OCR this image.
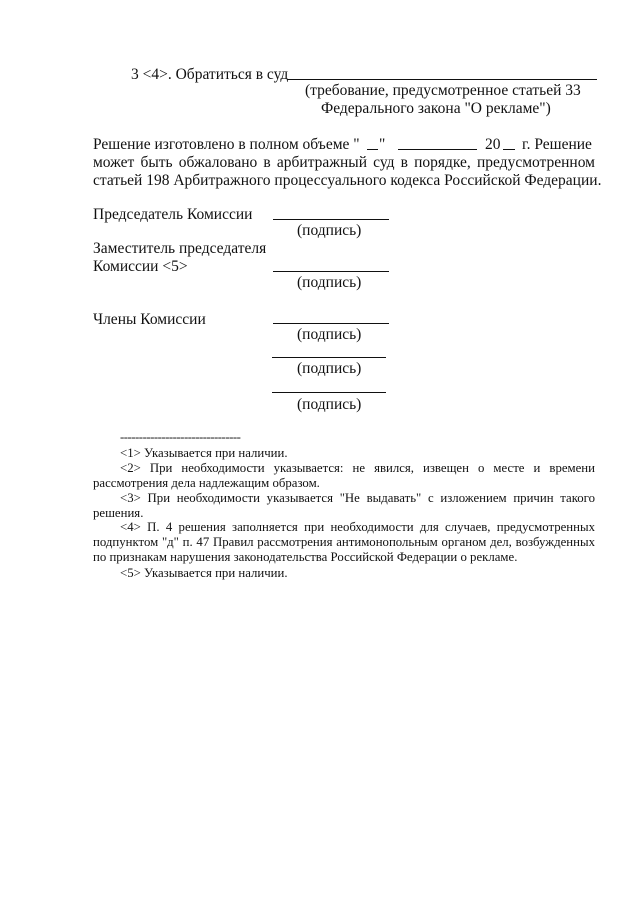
3 <4>. Обратиться в суд
(требование, предусмотренное статьей 33
Федерального закона "О рекламе")
Решение изготовлено в полном объеме " "	20 г. Решение
может быть обжаловано в арбитражный суд в порядке, предусмотренном
статьей 198 Арбитражного процессуального кодекса Российской Федерации.
Председатель Комиссии
(подпись)
Заместитель председателя
Комиссии <5>
(подпись)
Члены Комиссии
(подпись)
(подпись)
(подпись)
--------------------------------
<1> Указывается при наличии.
<2> При необходимости указывается: не явился, извещен о месте и времени
рассмотрения дела надлежащим образом.
<3> При необходимости указывается "Не выдавать" с изложением причин такого
решения.
<4> П. 4 решения заполняется при необходимости для случаев, предусмотренных
подпунктом "д" п. 47 Правил рассмотрения антимонопольным органом дел, возбужденных
по признакам нарушения законодательства Российской Федерации о рекламе.
<5> Указывается при наличии.
